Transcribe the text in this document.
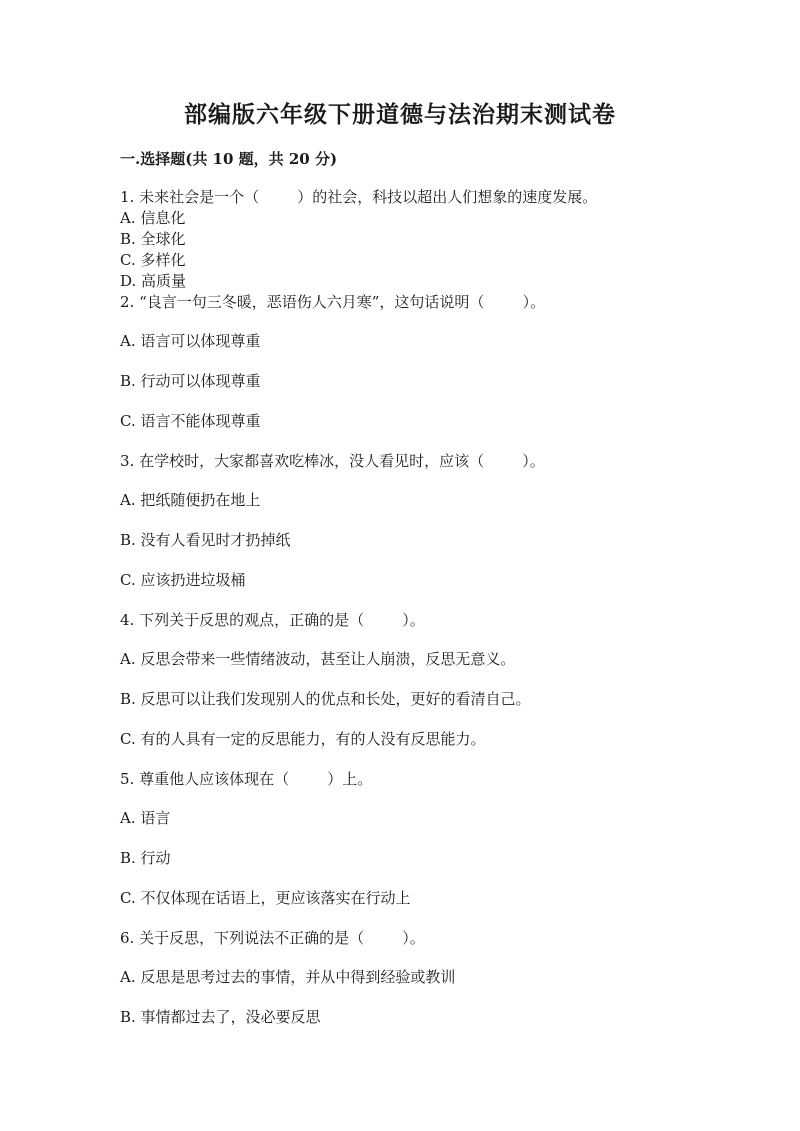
部编版六年级下册道德与法治期末测试卷
一.选择题(共 10 题，共 20 分)
1. 未来社会是一个（        ）的社会，科技以超出人们想象的速度发展。
A. 信息化
B. 全球化
C. 多样化
D. 高质量
2. “良言一句三冬暖，恶语伤人六月寒”，这句话说明（        ）。
A. 语言可以体现尊重
B. 行动可以体现尊重
C. 语言不能体现尊重
3. 在学校时，大家都喜欢吃棒冰，没人看见时，应该（        ）。
A. 把纸随便扔在地上
B. 没有人看见时才扔掉纸
C. 应该扔进垃圾桶
4. 下列关于反思的观点，正确的是（        ）。
A. 反思会带来一些情绪波动，甚至让人崩溃，反思无意义。
B. 反思可以让我们发现别人的优点和长处，更好的看清自己。
C. 有的人具有一定的反思能力，有的人没有反思能力。
5. 尊重他人应该体现在（        ）上。
A. 语言
B. 行动
C. 不仅体现在话语上，更应该落实在行动上
6. 关于反思，下列说法不正确的是（        ）。
A. 反思是思考过去的事情，并从中得到经验或教训
B. 事情都过去了，没必要反思
